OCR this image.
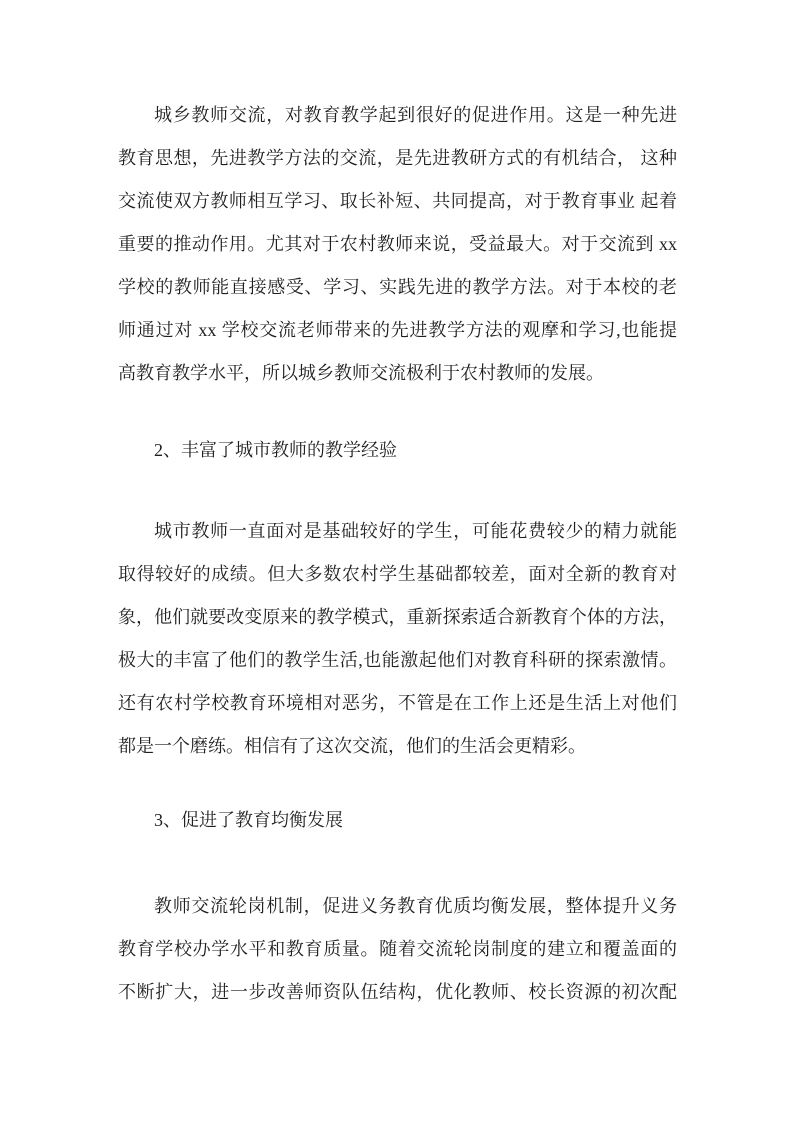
城乡教师交流，对教育教学起到很好的促进作用。这是一种先进
教育思想，先进教学方法的交流，是先进教研方式的有机结合， 这种
交流使双方教师相互学习、取长补短、共同提高，对于教育事业 起着
重要的推动作用。尤其对于农村教师来说，受益最大。对于交流到 xx
学校的教师能直接感受、学习、实践先进的教学方法。对于本校的老
师通过对 xx 学校交流老师带来的先进教学方法的观摩和学习,也能提
高教育教学水平，所以城乡教师交流极利于农村教师的发展。
2、丰富了城市教师的教学经验
城市教师一直面对是基础较好的学生，可能花费较少的精力就能
取得较好的成绩。但大多数农村学生基础都较差，面对全新的教育对
象，他们就要改变原来的教学模式，重新探索适合新教育个体的方法，
极大的丰富了他们的教学生活,也能激起他们对教育科研的探索激情。
还有农村学校教育环境相对恶劣，不管是在工作上还是生活上对他们
都是一个磨练。相信有了这次交流，他们的生活会更精彩。
3、促进了教育均衡发展
教师交流轮岗机制，促进义务教育优质均衡发展，整体提升义务
教育学校办学水平和教育质量。随着交流轮岗制度的建立和覆盖面的
不断扩大，进一步改善师资队伍结构，优化教师、校长资源的初次配
